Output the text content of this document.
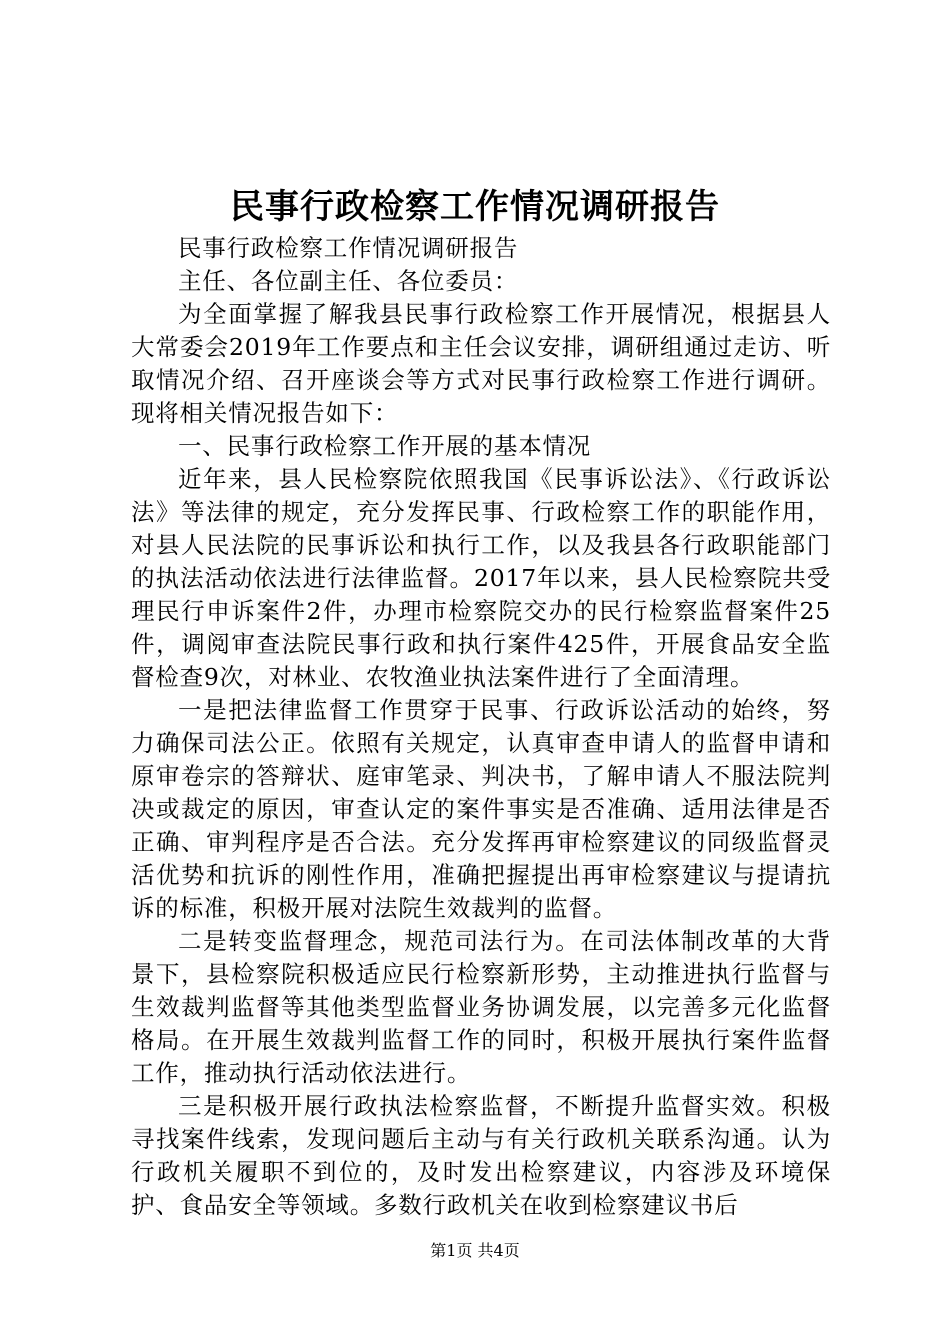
民事行政检察工作情况调研报告

民事行政检察工作情况调研报告

主任、各位副主任、各位委员：

为全面掌握了解我县民事行政检察工作开展情况，根据县人大常委会2019年工作要点和主任会议安排，调研组通过走访、听取情况介绍、召开座谈会等方式对民事行政检察工作进行调研。现将相关情况报告如下：

一、民事行政检察工作开展的基本情况

近年来，县人民检察院依照我国《民事诉讼法》、《行政诉讼法》等法律的规定，充分发挥民事、行政检察工作的职能作用，对县人民法院的民事诉讼和执行工作，以及我县各行政职能部门的执法活动依法进行法律监督。2017年以来，县人民检察院共受理民行申诉案件2件，办理市检察院交办的民行检察监督案件25件，调阅审查法院民事行政和执行案件425件，开展食品安全监督检查9次，对林业、农牧渔业执法案件进行了全面清理。

一是把法律监督工作贯穿于民事、行政诉讼活动的始终，努力确保司法公正。依照有关规定，认真审查申请人的监督申请和原审卷宗的答辩状、庭审笔录、判决书，了解申请人不服法院判决或裁定的原因，审查认定的案件事实是否准确、适用法律是否正确、审判程序是否合法。充分发挥再审检察建议的同级监督灵活优势和抗诉的刚性作用，准确把握提出再审检察建议与提请抗诉的标准，积极开展对法院生效裁判的监督。

二是转变监督理念，规范司法行为。在司法体制改革的大背景下，县检察院积极适应民行检察新形势，主动推进执行监督与生效裁判监督等其他类型监督业务协调发展，以完善多元化监督格局。在开展生效裁判监督工作的同时，积极开展执行案件监督工作，推动执行活动依法进行。

三是积极开展行政执法检察监督，不断提升监督实效。积极寻找案件线索，发现问题后主动与有关行政机关联系沟通。认为行政机关履职不到位的，及时发出检察建议，内容涉及环境保护、食品安全等领域。多数行政机关在收到检察建议书后

第1页 共4页
